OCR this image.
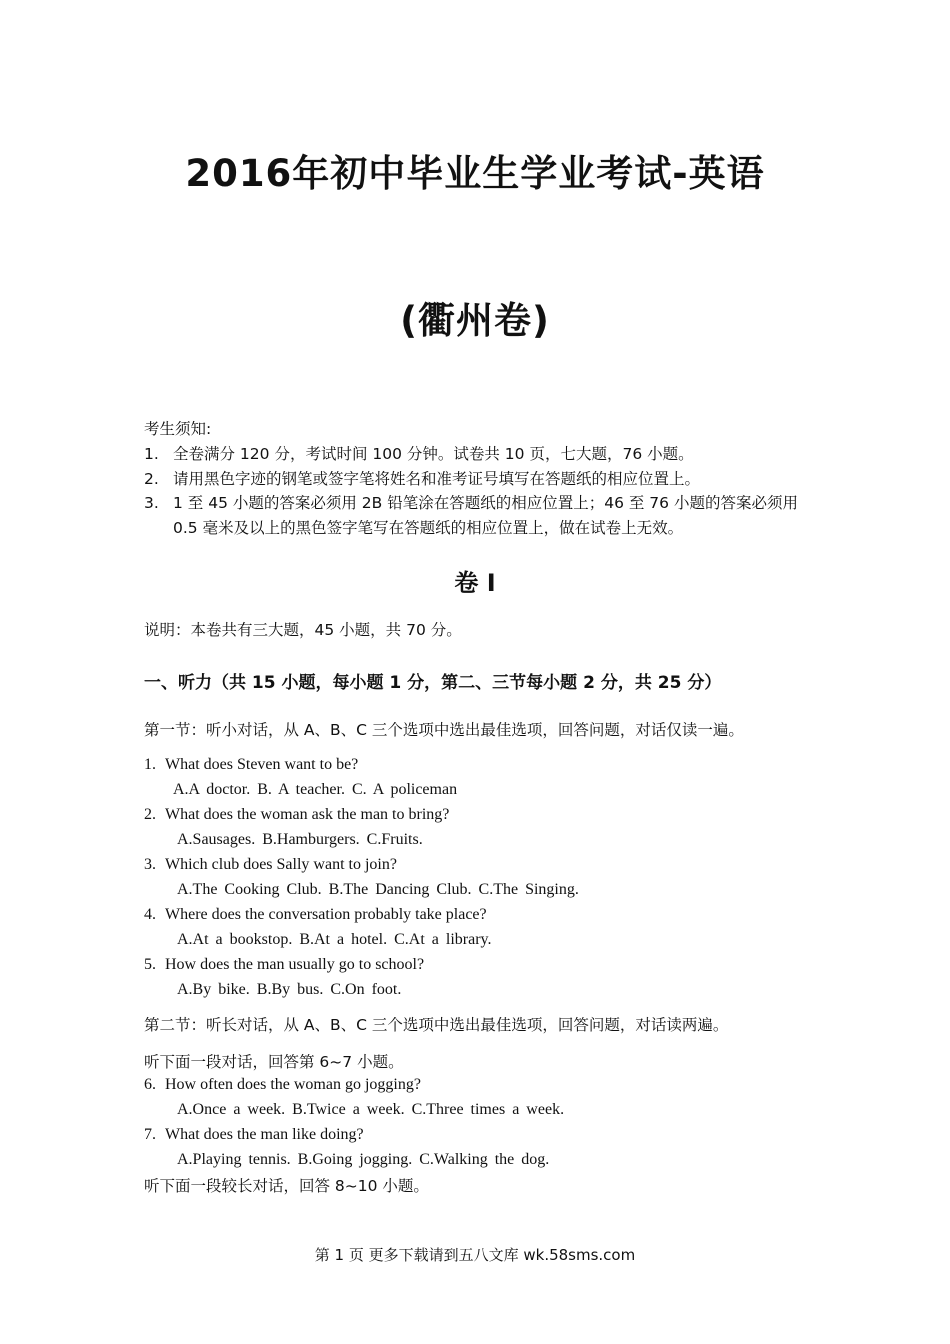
2016年初中毕业生学业考试-英语
(衢州卷)
考生须知:
1. 全卷满分 120 分，考试时间 100 分钟。试卷共 10 页，七大题，76 小题。
2. 请用黑色字迹的钢笔或签字笔将姓名和准考证号填写在答题纸的相应位置上。
3. 1 至 45 小题的答案必须用 2B 铅笔涂在答题纸的相应位置上；46 至 76 小题的答案必须用 0.5 毫米及以上的黑色签字笔写在答题纸的相应位置上，做在试卷上无效。
卷 I
说明：本卷共有三大题，45 小题，共 70 分。
一、听力（共 15 小题，每小题 1 分，第二、三节每小题 2 分，共 25 分）
第一节：听小对话，从 A、B、C 三个选项中选出最佳选项，回答问题，对话仅读一遍。
1. What does Steven want to be?
A.A doctor. B. A teacher. C. A policeman
2. What does the woman ask the man to bring?
A.Sausages. B.Hamburgers. C.Fruits.
3. Which club does Sally want to join?
A.The Cooking Club. B.The Dancing Club. C.The Singing.
4. Where does the conversation probably take place?
A.At a bookstop. B.At a hotel. C.At a library.
5. How does the man usually go to school?
A.By bike. B.By bus. C.On foot.
第二节：听长对话，从 A、B、C 三个选项中选出最佳选项，回答问题，对话读两遍。
听下面一段对话，回答第 6~7 小题。
6. How often does the woman go jogging?
A.Once a week. B.Twice a week. C.Three times a week.
7. What does the man like doing?
A.Playing tennis. B.Going jogging. C.Walking the dog.
听下面一段较长对话，回答 8~10 小题。
第 1 页 更多下载请到五八文库 wk.58sms.com
